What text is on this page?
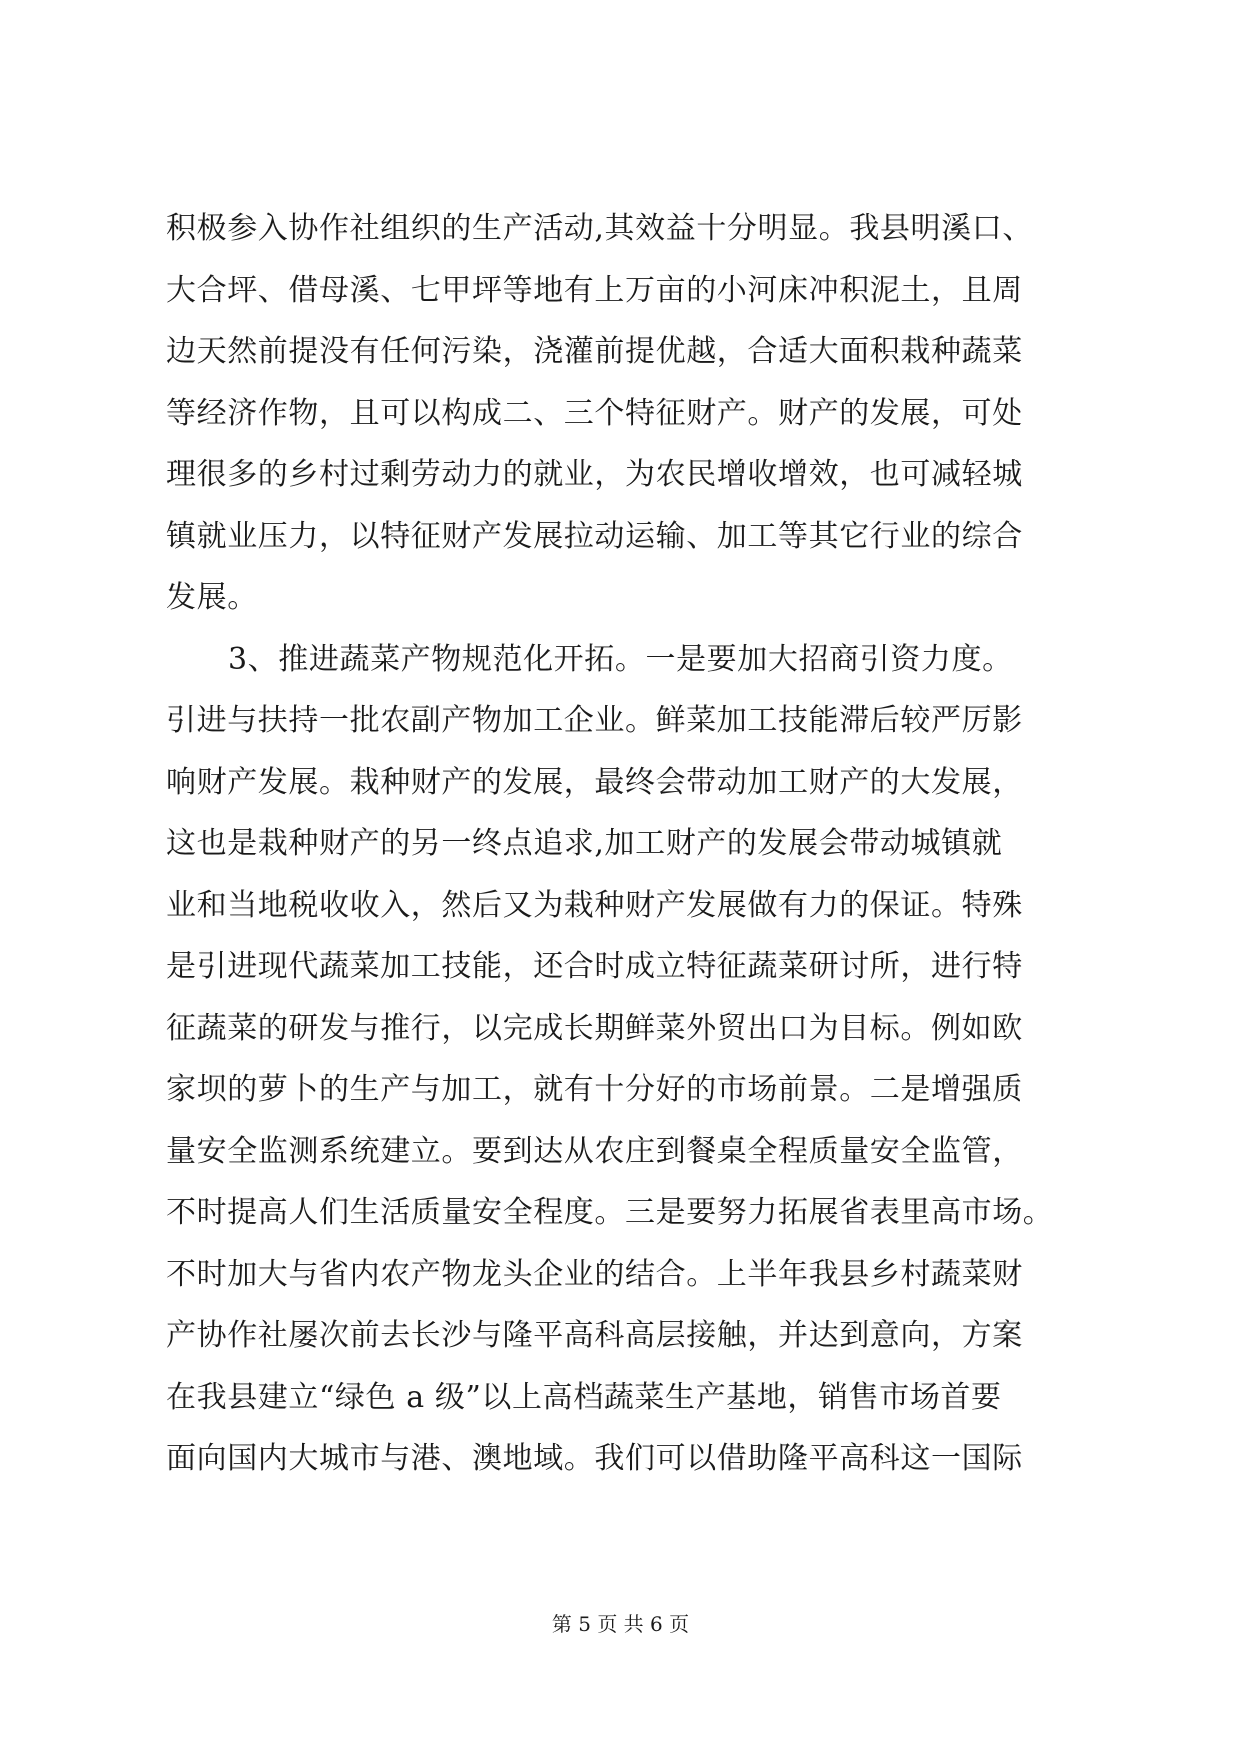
积极参入协作社组织的生产活动,其效益十分明显。我县明溪口、
大合坪、借母溪、七甲坪等地有上万亩的小河床冲积泥土，且周
边天然前提没有任何污染，浇灌前提优越，合适大面积栽种蔬菜
等经济作物，且可以构成二、三个特征财产。财产的发展，可处
理很多的乡村过剩劳动力的就业，为农民增收增效，也可减轻城
镇就业压力，以特征财产发展拉动运输、加工等其它行业的综合
发展。
3、推进蔬菜产物规范化开拓。一是要加大招商引资力度。
引进与扶持一批农副产物加工企业。鲜菜加工技能滞后较严厉影
响财产发展。栽种财产的发展，最终会带动加工财产的大发展，
这也是栽种财产的另一终点追求,加工财产的发展会带动城镇就
业和当地税收收入，然后又为栽种财产发展做有力的保证。特殊
是引进现代蔬菜加工技能，还合时成立特征蔬菜研讨所，进行特
征蔬菜的研发与推行，以完成长期鲜菜外贸出口为目标。例如欧
家坝的萝卜的生产与加工，就有十分好的市场前景。二是增强质
量安全监测系统建立。要到达从农庄到餐桌全程质量安全监管，
不时提高人们生活质量安全程度。三是要努力拓展省表里高市场。
不时加大与省内农产物龙头企业的结合。上半年我县乡村蔬菜财
产协作社屡次前去长沙与隆平高科高层接触，并达到意向，方案
在我县建立“绿色 a 级”以上高档蔬菜生产基地，销售市场首要
面向国内大城市与港、澳地域。我们可以借助隆平高科这一国际
第 5 页 共 6 页
